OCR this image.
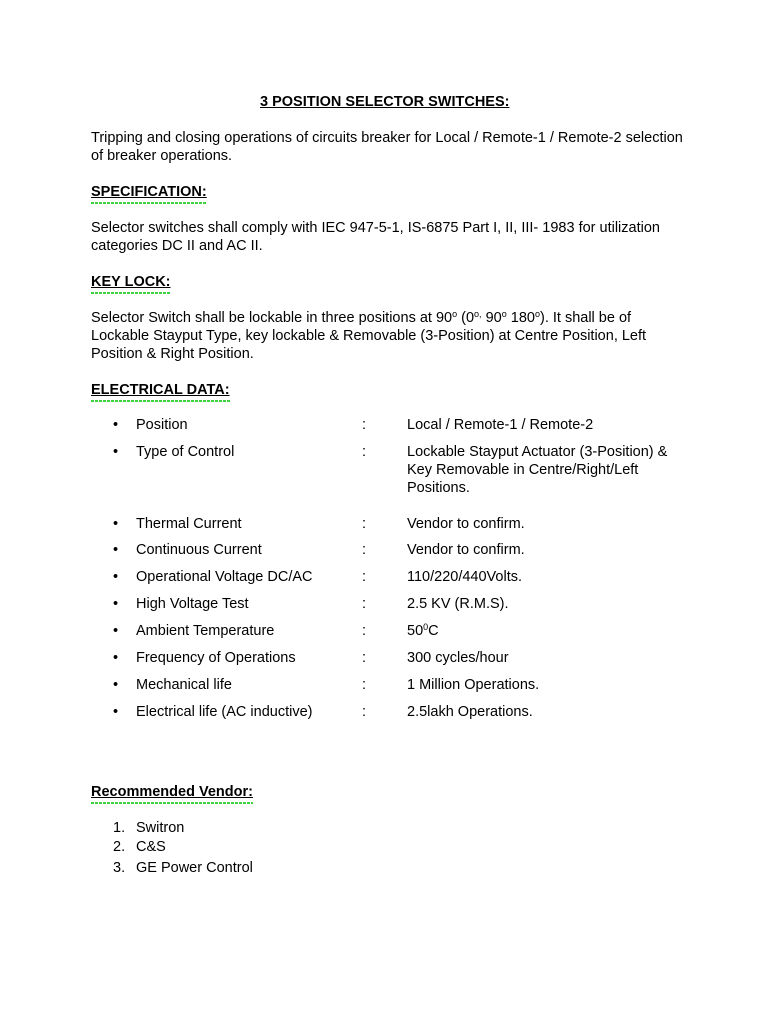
3 POSITION SELECTOR SWITCHES:
Tripping and closing operations of circuits breaker for Local / Remote-1 / Remote-2 selection of breaker operations.
SPECIFICATION:
Selector switches shall comply with IEC 947-5-1, IS-6875 Part I, II, III- 1983 for utilization categories DC II and AC II.
KEY LOCK:
Selector Switch shall be lockable in three positions at 90$^o$ ($0^{o,}$ 90$^o$ 180$^o$). It shall be of Lockable Stayput Type, key lockable & Removable (3-Position) at Centre Position, Left Position & Right Position.
ELECTRICAL DATA:
• Position	:	Local / Remote-1 / Remote-2
• Type of Control	:	Lockable Stayput Actuator (3-Position) & Key Removable in Centre/Right/Left Positions.
• Thermal Current	:	Vendor to confirm.
• Continuous Current	:	Vendor to confirm.
• Operational Voltage DC/AC	:	110/220/440Volts.
• High Voltage Test	:	2.5 KV (R.M.S).
• Ambient Temperature	:	$50^0C$
• Frequency of Operations	:	300 cycles/hour
• Mechanical life	:	1 Million Operations.
• Electrical life (AC inductive)	:	2.5lakh Operations.
Recommended Vendor:
1. Switron
2. C&S
3. GE Power Control
